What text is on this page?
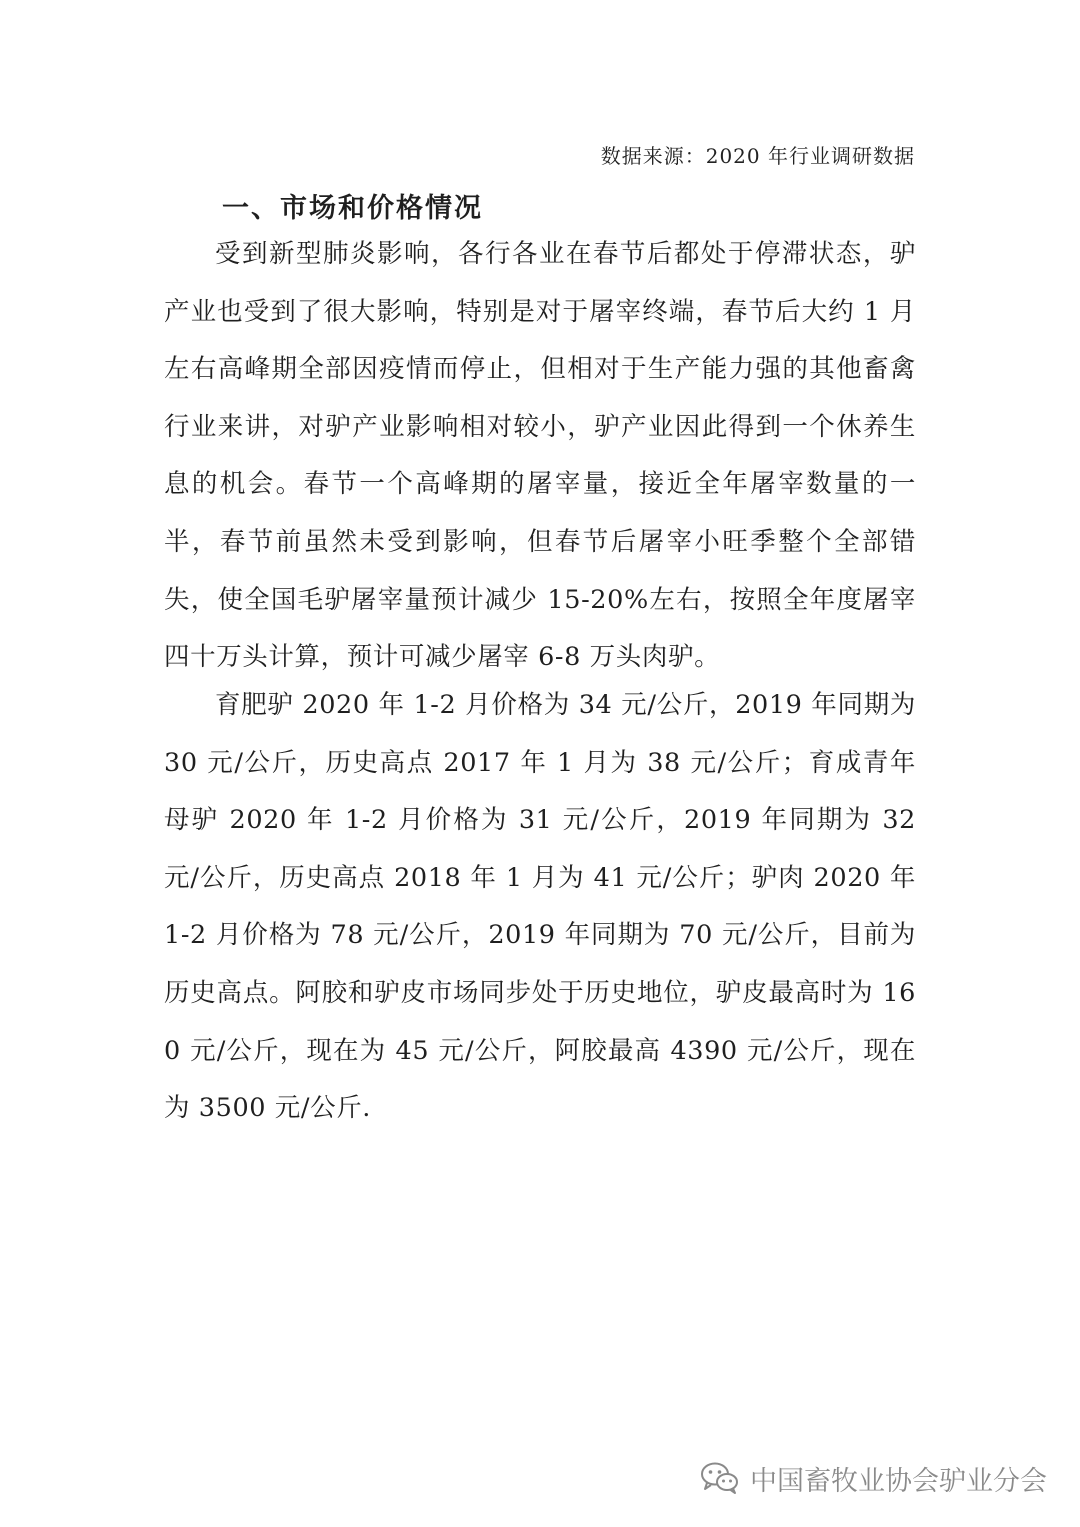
数据来源：2020 年行业调研数据
一、市场和价格情况

受到新型肺炎影响，各行各业在春节后都处于停滞状态，驴产业也受到了很大影响，特别是对于屠宰终端，春节后大约 1 月左右高峰期全部因疫情而停止，但相对于生产能力强的其他畜禽行业来讲，对驴产业影响相对较小，驴产业因此得到一个休养生息的机会。春节一个高峰期的屠宰量，接近全年屠宰数量的一半，春节前虽然未受到影响，但春节后屠宰小旺季整个全部错失，使全国毛驴屠宰量预计减少 15-20%左右，按照全年度屠宰四十万头计算，预计可减少屠宰 6-8 万头肉驴。

育肥驴 2020 年 1-2 月价格为 34 元/公斤，2019 年同期为 30 元/公斤，历史高点 2017 年 1 月为 38 元/公斤；育成青年母驴 2020 年 1-2 月价格为 31 元/公斤，2019 年同期为 32 元/公斤，历史高点 2018 年 1 月为 41 元/公斤；驴肉 2020 年 1-2 月价格为 78 元/公斤，2019 年同期为 70 元/公斤，目前为历史高点。阿胶和驴皮市场同步处于历史地位，驴皮最高时为 160 元/公斤，现在为 45 元/公斤，阿胶最高 4390 元/公斤，现在为 3500 元/公斤.

中国畜牧业协会驴业分会
